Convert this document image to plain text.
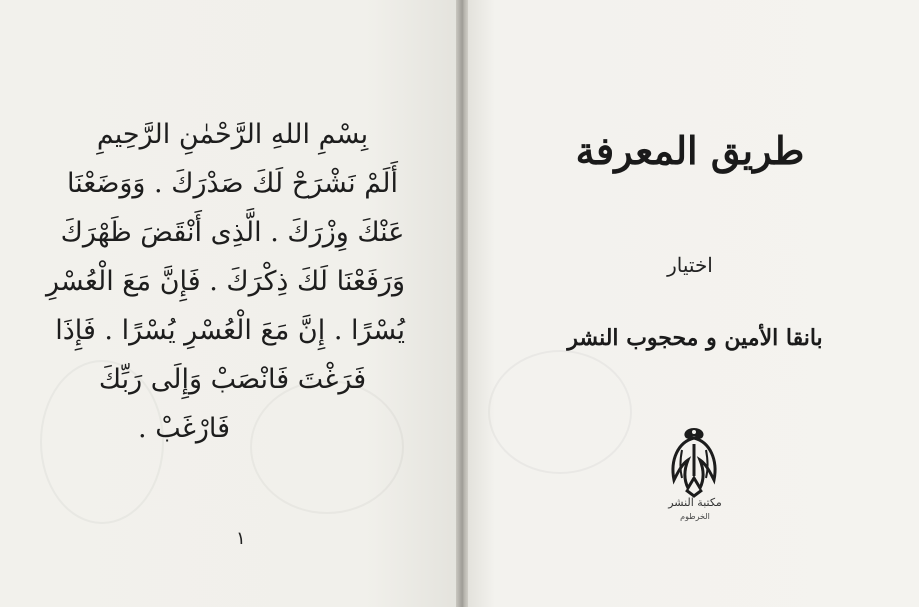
بِسْمِ اللهِ الرَّحْمٰنِ الرَّحِيمِ

أَلَمْ نَشْرَحْ لَكَ صَدْرَكَ . وَوَضَعْنَا

عَنْكَ وِزْرَكَ . الَّذِى أَنْقَضَ ظَهْرَكَ

وَرَفَعْنَا لَكَ ذِكْرَكَ . فَإِنَّ مَعَ الْعُسْرِ

يُسْرًا . إِنَّ مَعَ الْعُسْرِ يُسْرًا . فَإِذَا

فَرَغْتَ فَانْصَبْ وَإِلَى رَبِّكَ

فَارْغَبْ .

١
طريق المعرفة
اختيار
بانقا الأمين و محجوب النشر
مكتبة النشر
الخرطوم
